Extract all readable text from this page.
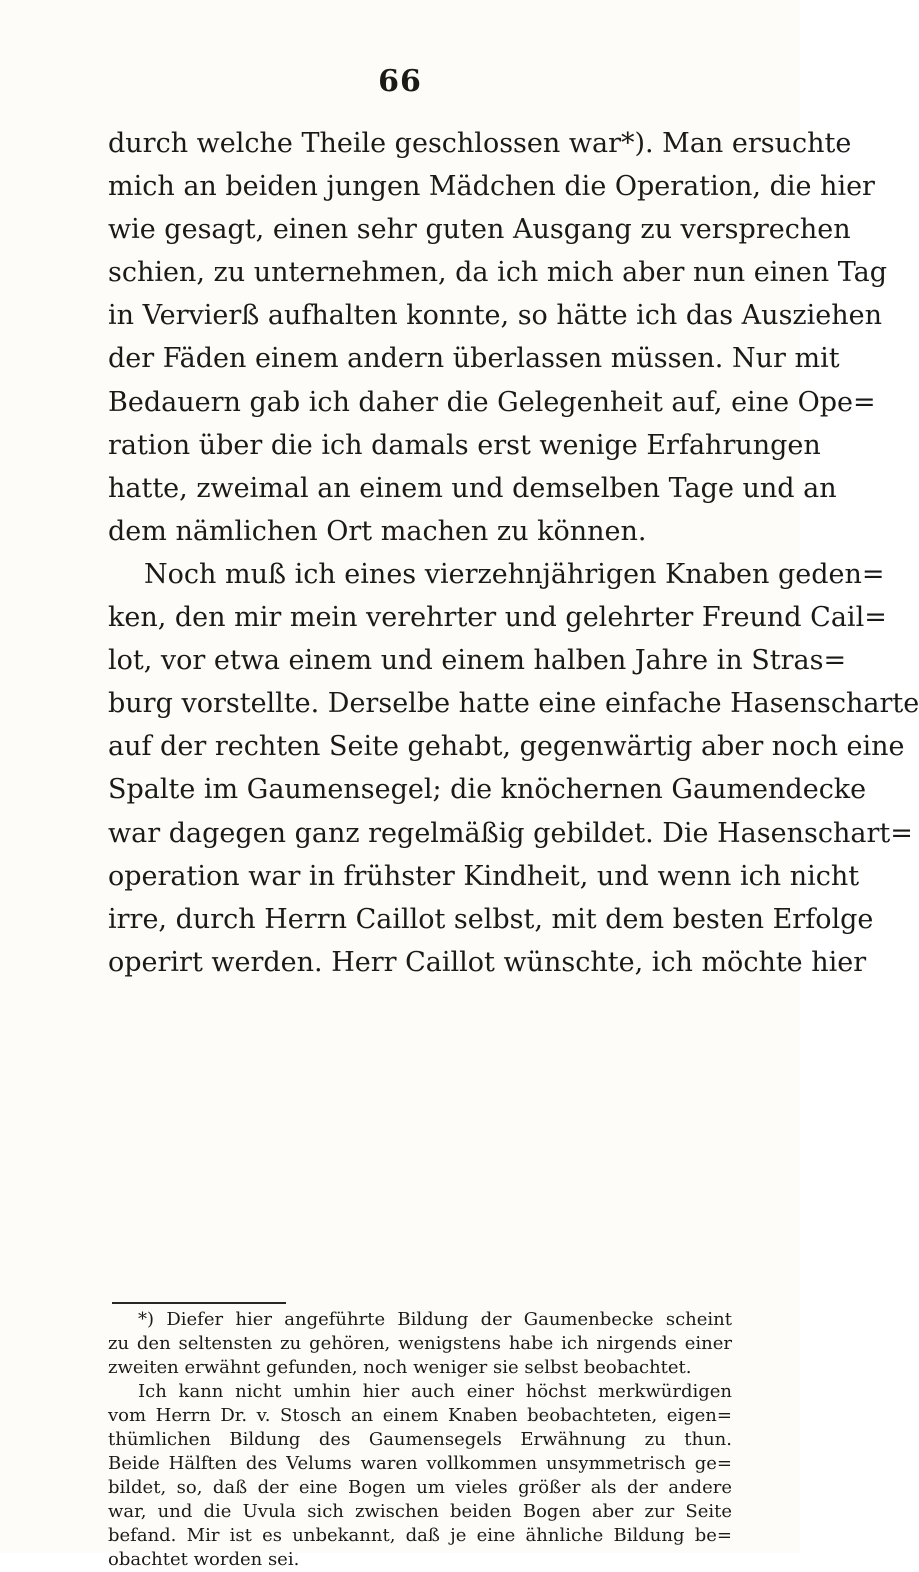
66
durch welche Theile geschlossen war*). Man ersuchte
mich an beiden jungen Mädchen die Operation, die hier
wie gesagt, einen sehr guten Ausgang zu versprechen
schien, zu unternehmen, da ich mich aber nun einen Tag
in Vervierß aufhalten konnte, so hätte ich das Ausziehen
der Fäden einem andern überlassen müssen. Nur mit
Bedauern gab ich daher die Gelegenheit auf, eine Ope=
ration über die ich damals erst wenige Erfahrungen
hatte, zweimal an einem und demselben Tage und an
dem nämlichen Ort machen zu können.
Noch muß ich eines vierzehnjährigen Knaben geden=
ken, den mir mein verehrter und gelehrter Freund Cail=
lot, vor etwa einem und einem halben Jahre in Stras=
burg vorstellte. Derselbe hatte eine einfache Hasenscharte
auf der rechten Seite gehabt, gegenwärtig aber noch eine
Spalte im Gaumensegel; die knöchernen Gaumendecke
war dagegen ganz regelmäßig gebildet. Die Hasenschart=
operation war in frühster Kindheit, und wenn ich nicht
irre, durch Herrn Caillot selbst, mit dem besten Erfolge
operirt werden. Herr Caillot wünschte, ich möchte hier
*) Diefer hier angeführte Bildung der Gaumenbecke scheint
zu den seltensten zu gehören, wenigstens habe ich nirgends einer
zweiten erwähnt gefunden, noch weniger sie selbst beobachtet.
Ich kann nicht umhin hier auch einer höchst merkwürdigen
vom Herrn Dr. v. Stosch an einem Knaben beobachteten, eigen=
thümlichen Bildung des Gaumensegels Erwähnung zu thun.
Beide Hälften des Velums waren vollkommen unsymmetrisch ge=
bildet, so, daß der eine Bogen um vieles größer als der andere
war, und die Uvula sich zwischen beiden Bogen aber zur Seite
befand. Mir ist es unbekannt, daß je eine ähnliche Bildung be=
obachtet worden sei.
